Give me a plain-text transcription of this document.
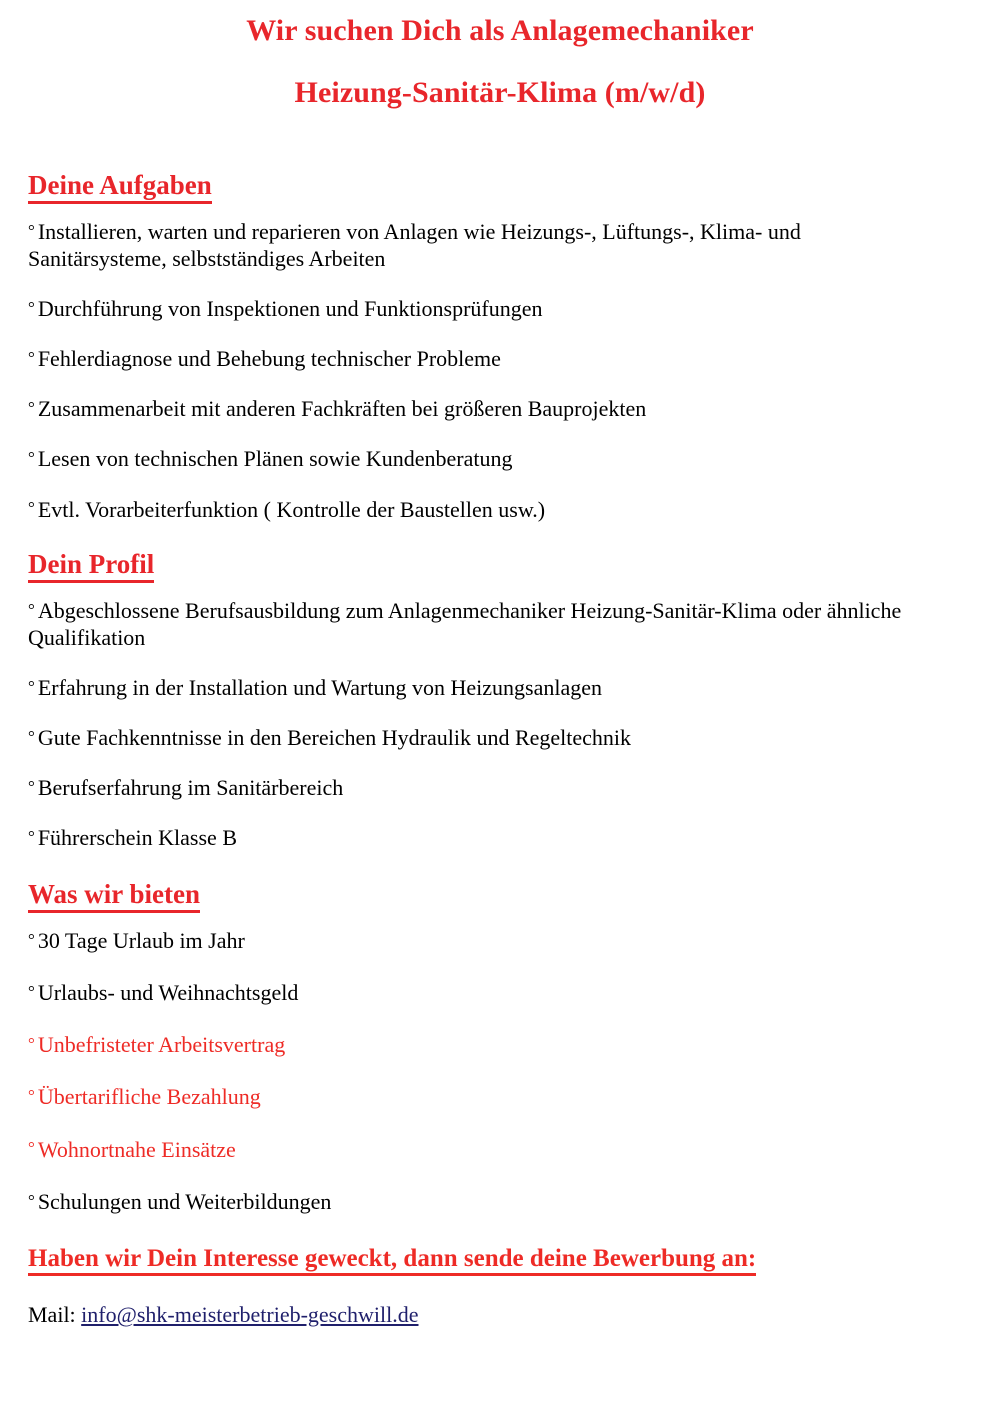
Wir suchen Dich als Anlagemechaniker
Heizung-Sanitär-Klima (m/w/d)
Deine Aufgaben
° Installieren, warten und reparieren von Anlagen wie Heizungs-, Lüftungs-, Klima- und Sanitärsysteme, selbstständiges Arbeiten
° Durchführung von Inspektionen und Funktionsprüfungen
° Fehlerdiagnose und Behebung technischer Probleme
° Zusammenarbeit mit anderen Fachkräften bei größeren Bauprojekten
° Lesen von technischen Plänen sowie Kundenberatung
° Evtl. Vorarbeiterfunktion ( Kontrolle der Baustellen usw.)
Dein Profil
° Abgeschlossene Berufsausbildung zum Anlagenmechaniker Heizung-Sanitär-Klima oder ähnliche Qualifikation
° Erfahrung in der Installation und Wartung von Heizungsanlagen
° Gute Fachkenntnisse in den Bereichen Hydraulik und Regeltechnik
° Berufserfahrung im Sanitärbereich
° Führerschein Klasse B
Was wir bieten
° 30 Tage Urlaub im Jahr
° Urlaubs- und Weihnachtsgeld
° Unbefristeter Arbeitsvertrag
° Übertarifliche Bezahlung
° Wohnortnahe Einsätze
° Schulungen und Weiterbildungen
Haben wir Dein Interesse geweckt, dann sende deine Bewerbung an:

Mail: info@shk-meisterbetrieb-geschwill.de
